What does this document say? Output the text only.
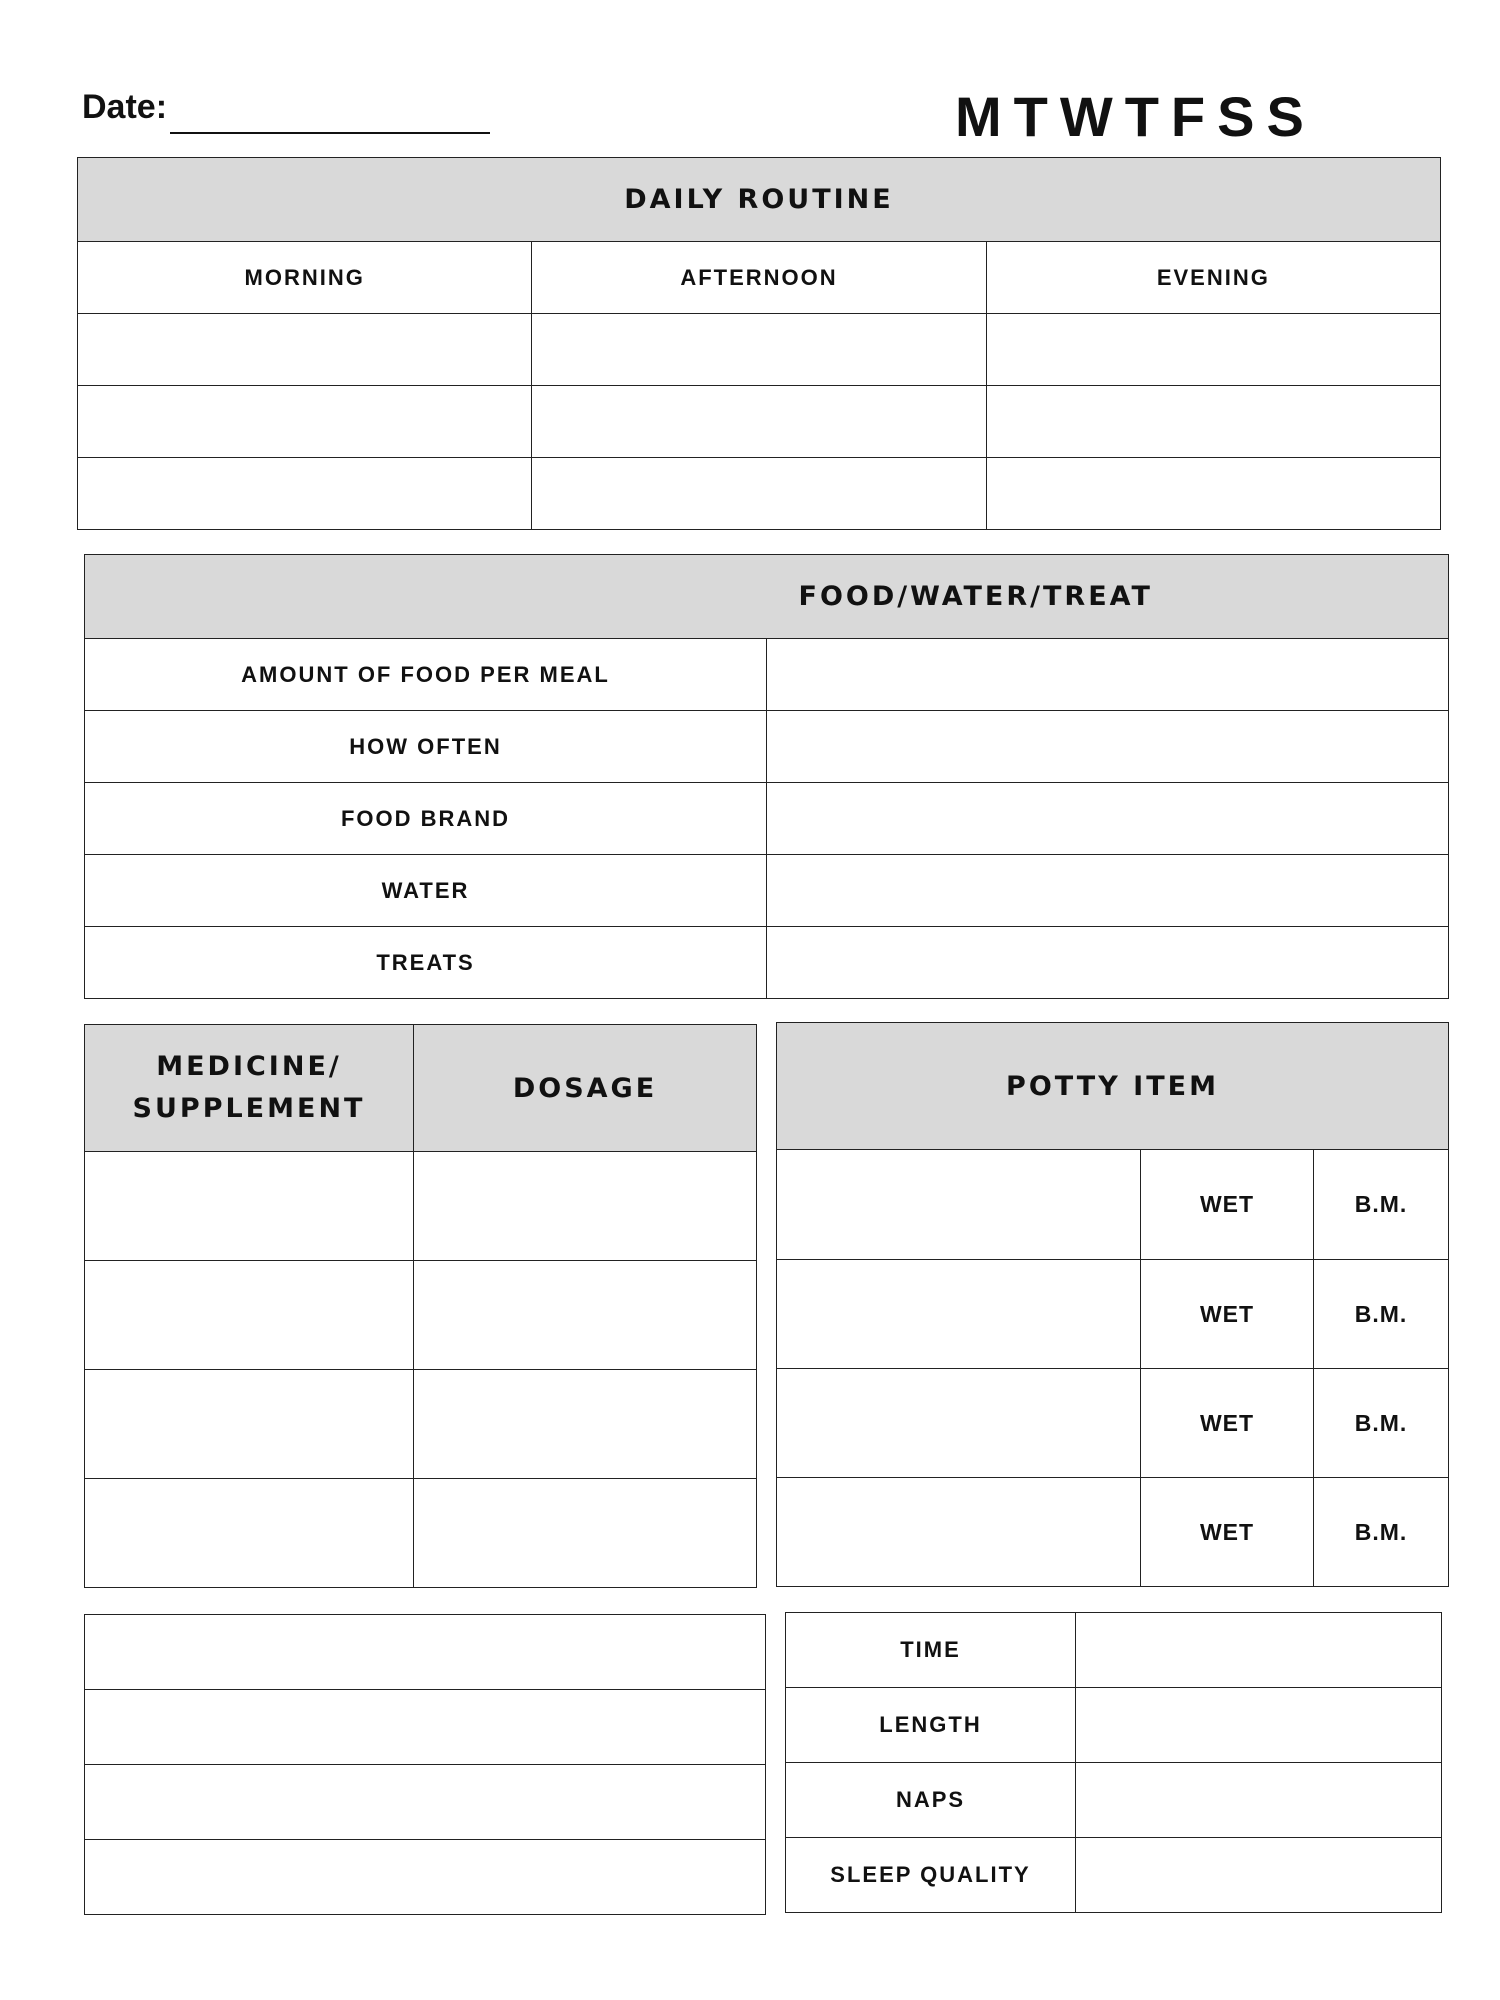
Date:	MTWTFSS
DAILY ROUTINE		
MORNING	AFTERNOON	EVENING

	FOOD/WATER/TREAT
AMOUNT OF FOOD PER MEAL	
HOW OFTEN	
FOOD BRAND	
WATER	
TREATS	
MEDICINE/
SUPPLEMENT	DOSAGE

		POTTY ITEM		
	WET	B.M.
	WET	B.M.
	WET	B.M.
	WET	B.M.

TIME	
LENGTH	
NAPS	
SLEEP QUALITY	
